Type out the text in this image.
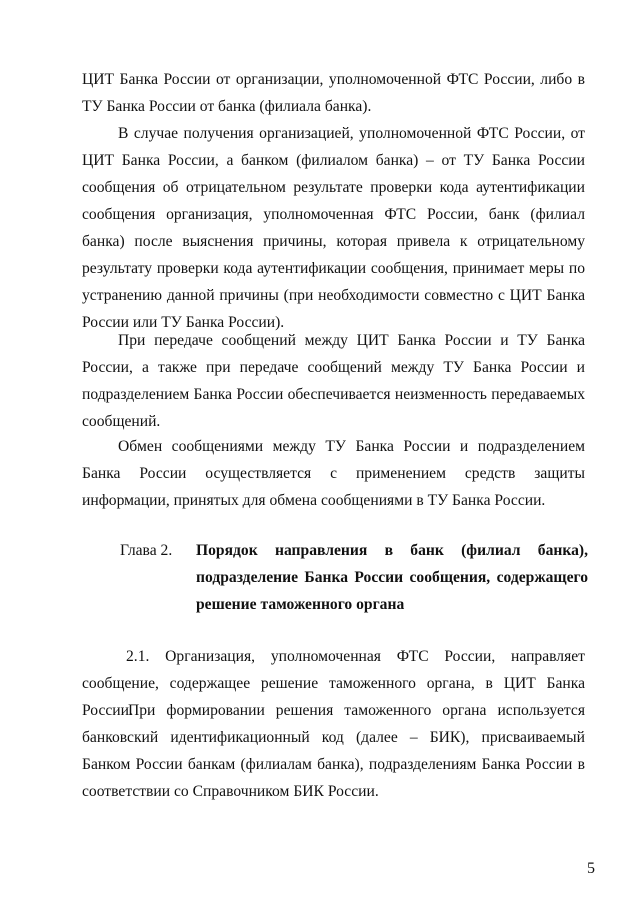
ЦИТ Банка России от организации, уполномоченной ФТС России, либо в ТУ Банка России от банка (филиала банка).

В случае получения организацией, уполномоченной ФТС России, от ЦИТ Банка России, а банком (филиалом банка) – от ТУ Банка России сообщения об отрицательном результате проверки кода аутентификации сообщения организация, уполномоченная ФТС России, банк (филиал банка) после выяснения причины, которая привела к отрицательному результату проверки кода аутентификации сообщения, принимает меры по устранению данной причины (при необходимости совместно с ЦИТ Банка России или ТУ Банка России).

При передаче сообщений между ЦИТ Банка России и ТУ Банка России, а также при передаче сообщений между ТУ Банка России и подразделением Банка России обеспечивается неизменность передаваемых сообщений.

Обмен сообщениями между ТУ Банка России и подразделением Банка России осуществляется с применением средств защиты информации, принятых для обмена сообщениями в ТУ Банка России.

Глава 2.	Порядок направления в банк (филиал банка), подразделение Банка России сообщения, содержащего решение таможенного органа

2.1. Организация, уполномоченная ФТС России, направляет сообщение, содержащее решение таможенного органа, в ЦИТ Банка России.

При формировании решения таможенного органа используется банковский идентификационный код (далее – БИК), присваиваемый Банком России банкам (филиалам банка), подразделениям Банка России в соответствии со Справочником БИК России.

5
